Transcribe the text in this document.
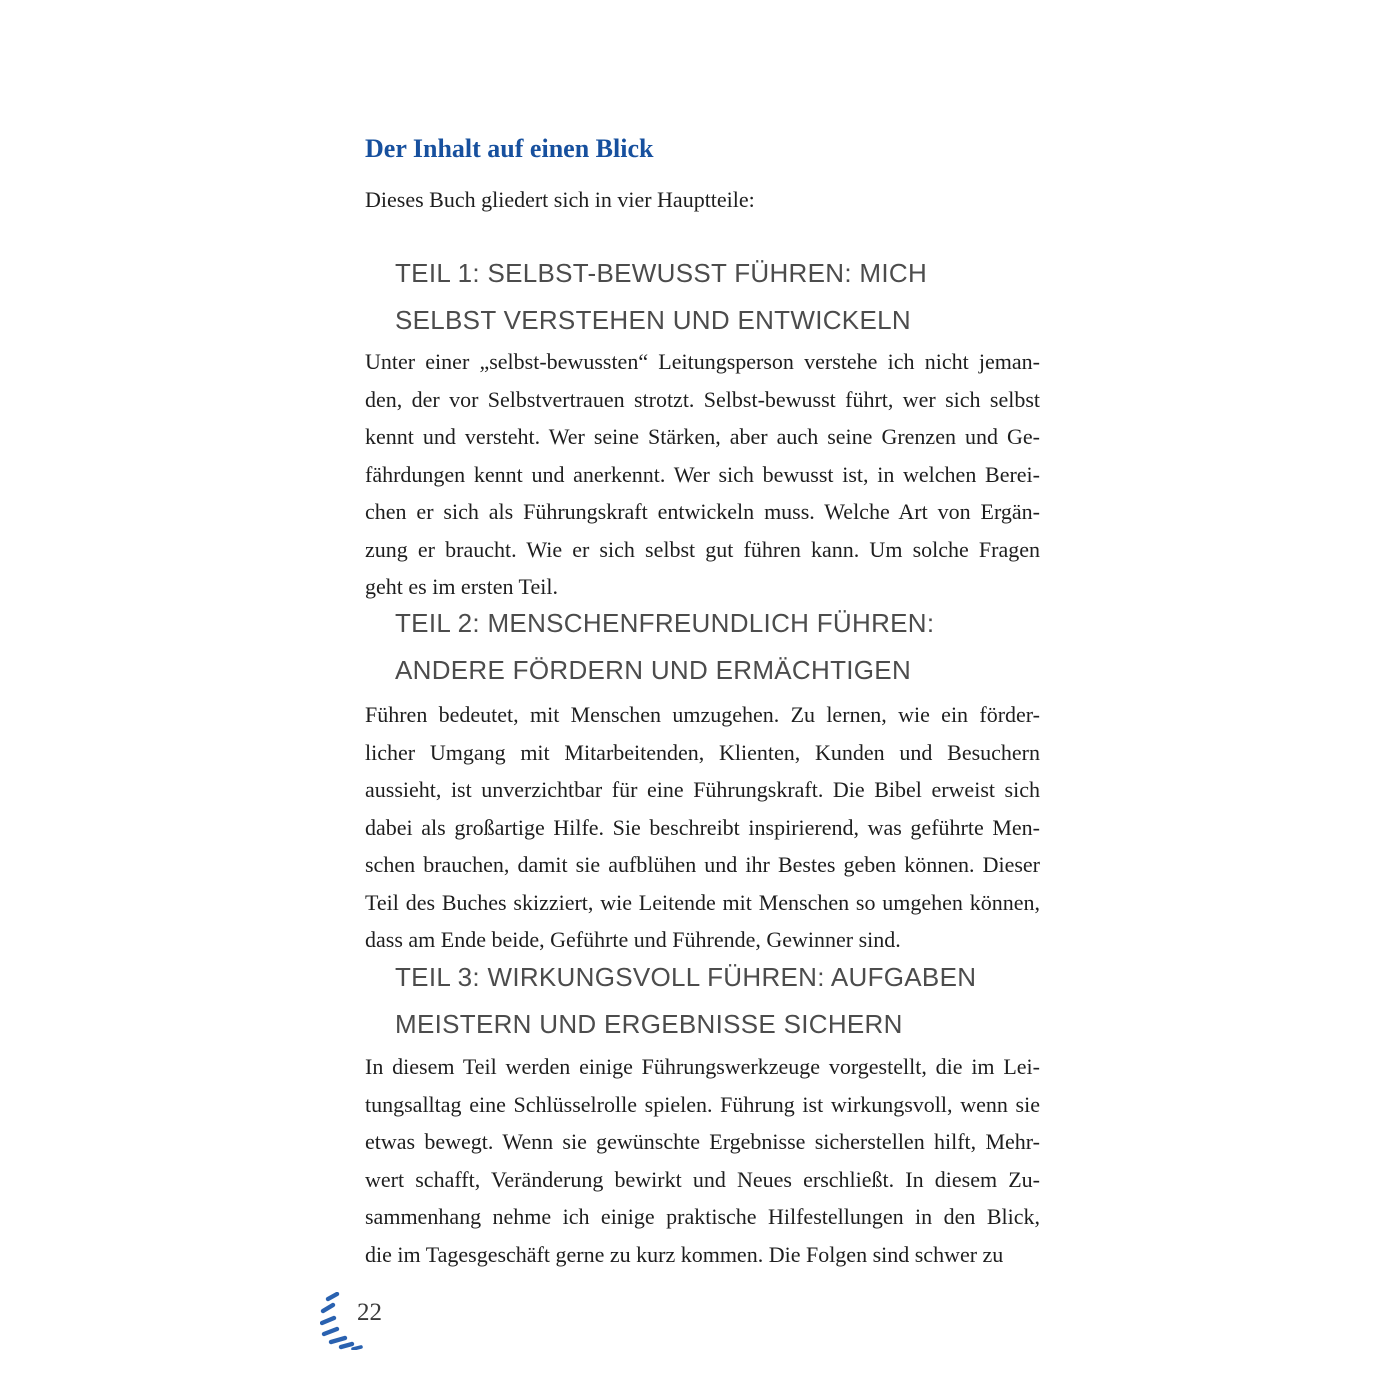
Der Inhalt auf einen Blick
Dieses Buch gliedert sich in vier Hauptteile:
TEIL 1: SELBST-BEWUSST FÜHREN: MICH
SELBST VERSTEHEN UND ENTWICKELN
Unter einer „selbst-bewussten“ Leitungsperson verstehe ich nicht jeman-
den, der vor Selbstvertrauen strotzt. Selbst-bewusst führt, wer sich selbst
kennt und versteht. Wer seine Stärken, aber auch seine Grenzen und Ge-
fährdungen kennt und anerkennt. Wer sich bewusst ist, in welchen Berei-
chen er sich als Führungskraft entwickeln muss. Welche Art von Ergän-
zung er braucht. Wie er sich selbst gut führen kann. Um solche Fragen
geht es im ersten Teil.
TEIL 2: MENSCHENFREUNDLICH FÜHREN:
ANDERE FÖRDERN UND ERMÄCHTIGEN
Führen bedeutet, mit Menschen umzugehen. Zu lernen, wie ein förder-
licher Umgang mit Mitarbeitenden, Klienten, Kunden und Besuchern
aussieht, ist unverzichtbar für eine Führungskraft. Die Bibel erweist sich
dabei als großartige Hilfe. Sie beschreibt inspirierend, was geführte Men-
schen brauchen, damit sie aufblühen und ihr Bestes geben können. Dieser
Teil des Buches skizziert, wie Leitende mit Menschen so umgehen können,
dass am Ende beide, Geführte und Führende, Gewinner sind.
TEIL 3: WIRKUNGSVOLL FÜHREN: AUFGABEN
MEISTERN UND ERGEBNISSE SICHERN
In diesem Teil werden einige Führungswerkzeuge vorgestellt, die im Lei-
tungsalltag eine Schlüsselrolle spielen. Führung ist wirkungsvoll, wenn sie
etwas bewegt. Wenn sie gewünschte Ergebnisse sicherstellen hilft, Mehr-
wert schafft, Veränderung bewirkt und Neues erschließt. In diesem Zu-
sammenhang nehme ich einige praktische Hilfestellungen in den Blick,
die im Tagesgeschäft gerne zu kurz kommen. Die Folgen sind schwer zu
22
